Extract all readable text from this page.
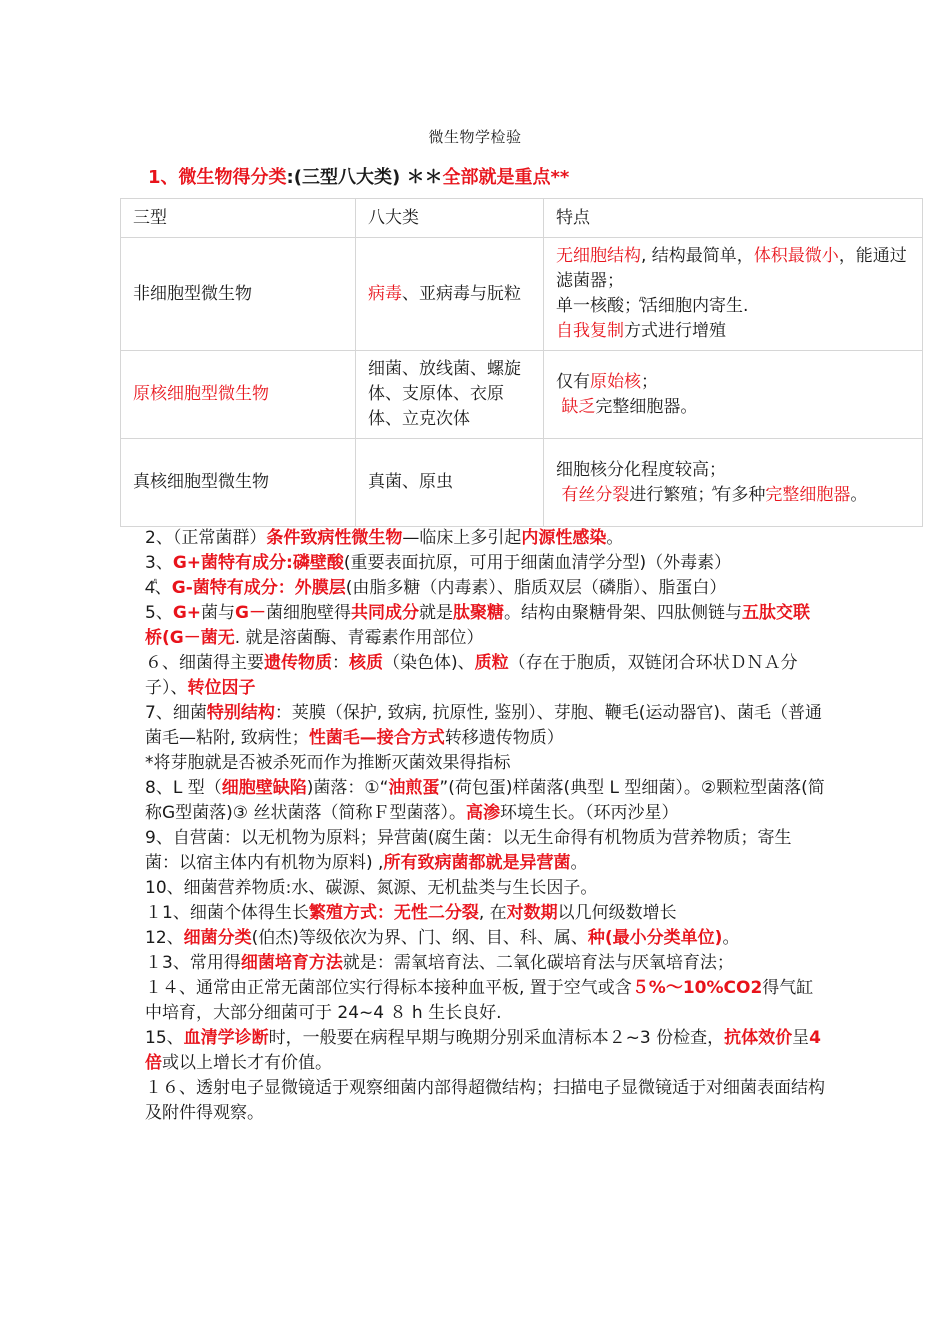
微生物学检验
1、微生物得分类:(三型八大类) ＊＊全部就是重点**
三型	八大类	特点
非细胞型微生物	病毒、亚病毒与朊粒	无细胞结构, 结构最简单，体积最微小，能通过滤菌器；
单一核酸；ⷣ活细胞内寄生.
自我复制方式进行增殖

原核细胞型微生物	细菌、放线菌、螺旋体、支原体、衣原体、立克次体	仅有原始核；
缺乏完整细胞器。

真核细胞型微生物	真菌、原虫	细胞核分化程度较高；
有丝分裂进行繁殖；ⷣ有多种完整细胞器。

2、（正常菌群）条件致病性微生物—临床上多引起内源性感染。

3、G+菌特有成分:磷壁酸(重要表面抗原，可用于细菌血清学分型)（外毒素）

4ⷣ、G-菌特有成分：外膜层(由脂多糖（内毒素）、脂质双层（磷脂）、脂蛋白）

5、G+菌与G－菌细胞壁得共同成分就是肽聚糖。结构由聚糖骨架、四肽侧链与五肽交联桥(G－菌无. 就是溶菌酶、青霉素作用部位）

６、细菌得主要遗传物质：核质（染色体)、质粒（存在于胞质，双链闭合环状ＤＮＡ分子）、转位因子

7、细菌特别结构：荚膜（保护, 致病, 抗原性, 鉴别）、芽胞、鞭毛(运动器官)、菌毛（普通菌毛—粘附, 致病性；性菌毛—接合方式转移遗传物质）

*将芽胞就是否被杀死而作为推断灭菌效果得指标

8、L 型（细胞壁缺陷)菌落：①“油煎蛋”(荷包蛋)样菌落(典型 L 型细菌）。②颗粒型菌落(简称G型菌落)③ 丝状菌落（简称Ｆ型菌落）。高渗环境生长。（环丙沙星）

9、自营菌：以无机物为原料；异营菌(腐生菌：以无生命得有机物质为营养物质；寄生菌：以宿主体内有机物为原料) ,所有致病菌都就是异营菌。

10、细菌营养物质:水、碳源、氮源、无机盐类与生长因子。

１1、细菌个体得生长繁殖方式：无性二分裂, 在对数期以几何级数增长

12、细菌分类(伯杰)等级依次为界、门、纲、目、科、属、种(最小分类单位)。

１3、常用得细菌培育方法就是：需氧培育法、二氧化碳培育法与厌氧培育法；

１４、通常由正常无菌部位实行得标本接种血平板, 置于空气或含５%～10%CO2得气缸中培育，大部分细菌可于 24~4 ８ h 生长良好.

15、血清学诊断时，一般要在病程早期与晚期分别采血清标本２~3 份检查，抗体效价呈4 倍或以上增长才有价值。

１６、透射电子显微镜适于观察细菌内部得超微结构；扫描电子显微镜适于对细菌表面结构及附件得观察。
